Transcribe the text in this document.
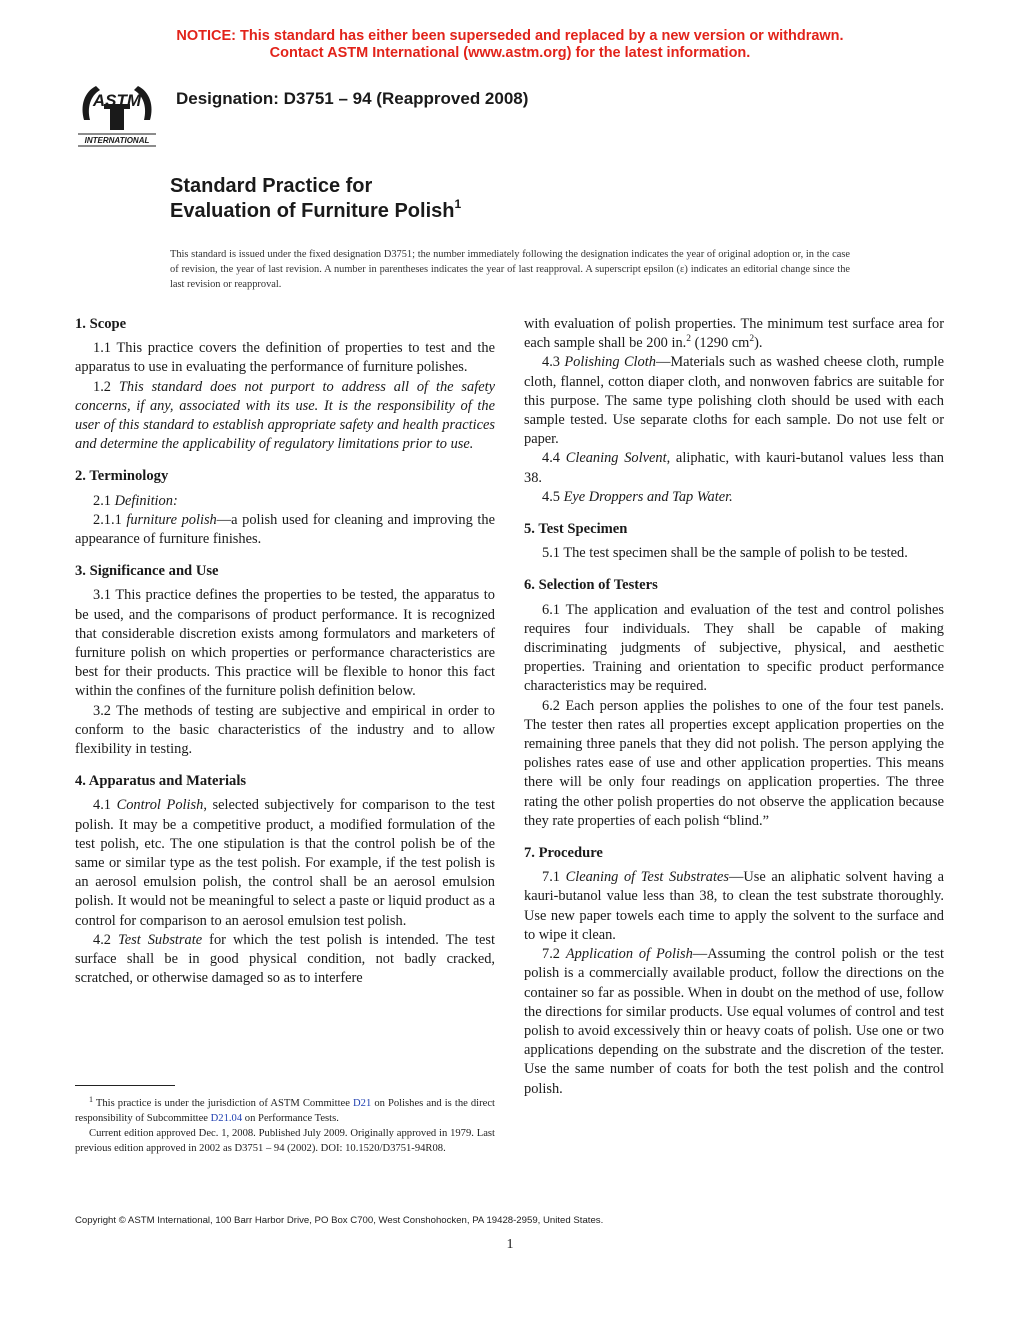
NOTICE: This standard has either been superseded and replaced by a new version or withdrawn.
Contact ASTM International (www.astm.org) for the latest information.
ASTM
INTERNATIONAL
Designation: D3751 – 94 (Reapproved 2008)
Standard Practice for
Evaluation of Furniture Polish$^1$
This standard is issued under the fixed designation D3751; the number immediately following the designation indicates the year of original adoption or, in the case of revision, the year of last revision. A number in parentheses indicates the year of last reapproval. A superscript epsilon (ε) indicates an editorial change since the last revision or reapproval.
1. Scope

1.1 This practice covers the definition of properties to test and the apparatus to use in evaluating the performance of furniture polishes.

1.2 This standard does not purport to address all of the safety concerns, if any, associated with its use. It is the responsibility of the user of this standard to establish appropriate safety and health practices and determine the applicability of regulatory limitations prior to use.

2. Terminology

2.1 Definition:

2.1.1 furniture polish—a polish used for cleaning and improving the appearance of furniture finishes.

3. Significance and Use

3.1 This practice defines the properties to be tested, the apparatus to be used, and the comparisons of product performance. It is recognized that considerable discretion exists among formulators and marketers of furniture polish on which properties or performance characteristics are best for their products. This practice will be flexible to honor this fact within the confines of the furniture polish definition below.

3.2 The methods of testing are subjective and empirical in order to conform to the basic characteristics of the industry and to allow flexibility in testing.

4. Apparatus and Materials

4.1 Control Polish, selected subjectively for comparison to the test polish. It may be a competitive product, a modified formulation of the test polish, etc. The one stipulation is that the control polish be of the same or similar type as the test polish. For example, if the test polish is an aerosol emulsion polish, the control shall be an aerosol emulsion polish. It would not be meaningful to select a paste or liquid product as a control for comparison to an aerosol emulsion test polish.

4.2 Test Substrate for which the test polish is intended. The test surface shall be in good physical condition, not badly cracked, scratched, or otherwise damaged so as to interfere

$^1$ This practice is under the jurisdiction of ASTM Committee D21 on Polishes and is the direct responsibility of Subcommittee D21.04 on Performance Tests.

Current edition approved Dec. 1, 2008. Published July 2009. Originally approved in 1979. Last previous edition approved in 2002 as D3751 – 94 (2002). DOI: 10.1520/D3751-94R08.

with evaluation of polish properties. The minimum test surface area for each sample shall be 200 in.$^2$ (1290 $cm^2$).

4.3 Polishing Cloth—Materials such as washed cheese cloth, rumple cloth, flannel, cotton diaper cloth, and nonwoven fabrics are suitable for this purpose. The same type polishing cloth should be used with each sample tested. Use separate cloths for each sample. Do not use felt or paper.

4.4 Cleaning Solvent, aliphatic, with kauri-butanol values less than 38.

4.5 Eye Droppers and Tap Water.

5. Test Specimen

5.1 The test specimen shall be the sample of polish to be tested.

6. Selection of Testers

6.1 The application and evaluation of the test and control polishes requires four individuals. They shall be capable of making discriminating judgments of subjective, physical, and aesthetic properties. Training and orientation to specific product performance characteristics may be required.

6.2 Each person applies the polishes to one of the four test panels. The tester then rates all properties except application properties on the remaining three panels that they did not polish. The person applying the polishes rates ease of use and other application properties. This means there will be only four readings on application properties. The three rating the other polish properties do not observe the application because they rate properties of each polish “blind.”

7. Procedure

7.1 Cleaning of Test Substrates—Use an aliphatic solvent having a kauri-butanol value less than 38, to clean the test substrate thoroughly. Use new paper towels each time to apply the solvent to the surface and to wipe it clean.

7.2 Application of Polish—Assuming the control polish or the test polish is a commercially available product, follow the directions on the container so far as possible. When in doubt on the method of use, follow the directions for similar products. Use equal volumes of control and test polish to avoid excessively thin or heavy coats of polish. Use one or two applications depending on the substrate and the discretion of the tester. Use the same number of coats for both the test polish and the control polish.

Copyright © ASTM International, 100 Barr Harbor Drive, PO Box C700, West Conshohocken, PA 19428-2959, United States.
1
